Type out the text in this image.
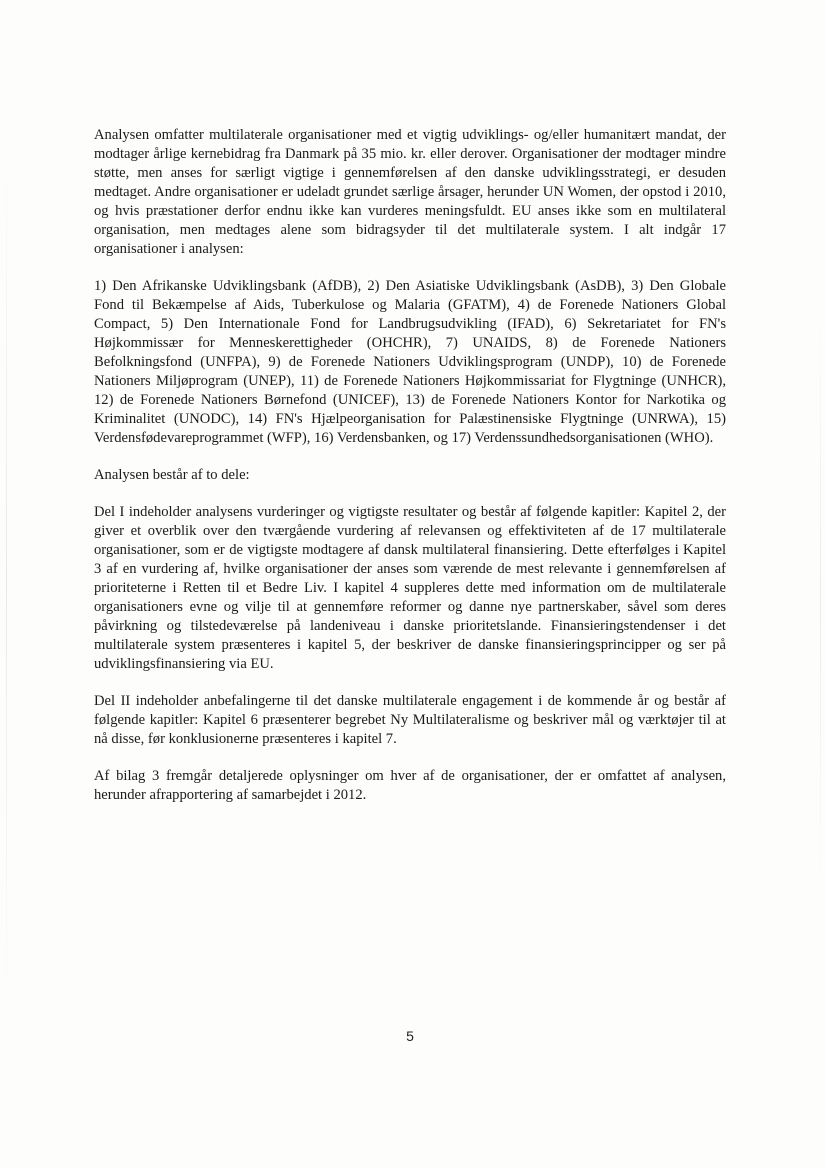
Analysen omfatter multilaterale organisationer med et vigtig udviklings- og/eller humanitært mandat, der modtager årlige kernebidrag fra Danmark på 35 mio. kr. eller derover. Organisationer der modtager mindre støtte, men anses for særligt vigtige i gennemførelsen af den danske udviklingsstrategi, er desuden medtaget. Andre organisationer er udeladt grundet særlige årsager, herunder UN Women, der opstod i 2010, og hvis præstationer derfor endnu ikke kan vurderes meningsfuldt. EU anses ikke som en multilateral organisation, men medtages alene som bidragsyder til det multilaterale system. I alt indgår 17 organisationer i analysen:

1) Den Afrikanske Udviklingsbank (AfDB), 2) Den Asiatiske Udviklingsbank (AsDB), 3) Den Globale Fond til Bekæmpelse af Aids, Tuberkulose og Malaria (GFATM), 4) de Forenede Nationers Global Compact, 5) Den Internationale Fond for Landbrugsudvikling (IFAD), 6) Sekretariatet for FN's Højkommissær for Menneskerettigheder (OHCHR), 7) UNAIDS, 8) de Forenede Nationers Befolkningsfond (UNFPA), 9) de Forenede Nationers Udviklingsprogram (UNDP), 10) de Forenede Nationers Miljøprogram (UNEP), 11) de Forenede Nationers Højkommissariat for Flygtninge (UNHCR), 12) de Forenede Nationers Børnefond (UNICEF), 13) de Forenede Nationers Kontor for Narkotika og Kriminalitet (UNODC), 14) FN's Hjælpeorganisation for Palæstinensiske Flygtninge (UNRWA), 15) Verdensfødevareprogrammet (WFP), 16) Verdensbanken, og 17) Verdenssundhedsorganisationen (WHO).

Analysen består af to dele:

Del I indeholder analysens vurderinger og vigtigste resultater og består af følgende kapitler: Kapitel 2, der giver et overblik over den tværgående vurdering af relevansen og effektiviteten af de 17 multilaterale organisationer, som er de vigtigste modtagere af dansk multilateral finansiering. Dette efterfølges i Kapitel 3 af en vurdering af, hvilke organisationer der anses som værende de mest relevante i gennemførelsen af prioriteterne i Retten til et Bedre Liv. I kapitel 4 suppleres dette med information om de multilaterale organisationers evne og vilje til at gennemføre reformer og danne nye partnerskaber, såvel som deres påvirkning og tilstedeværelse på landeniveau i danske prioritetslande. Finansieringstendenser i det multilaterale system præsenteres i kapitel 5, der beskriver de danske finansieringsprincipper og ser på udviklingsfinansiering via EU.

Del II indeholder anbefalingerne til det danske multilaterale engagement i de kommende år og består af følgende kapitler: Kapitel 6 præsenterer begrebet Ny Multilateralisme og beskriver mål og værktøjer til at nå disse, før konklusionerne præsenteres i kapitel 7.

Af bilag 3 fremgår detaljerede oplysninger om hver af de organisationer, der er omfattet af analysen, herunder afrapportering af samarbejdet i 2012.

5
